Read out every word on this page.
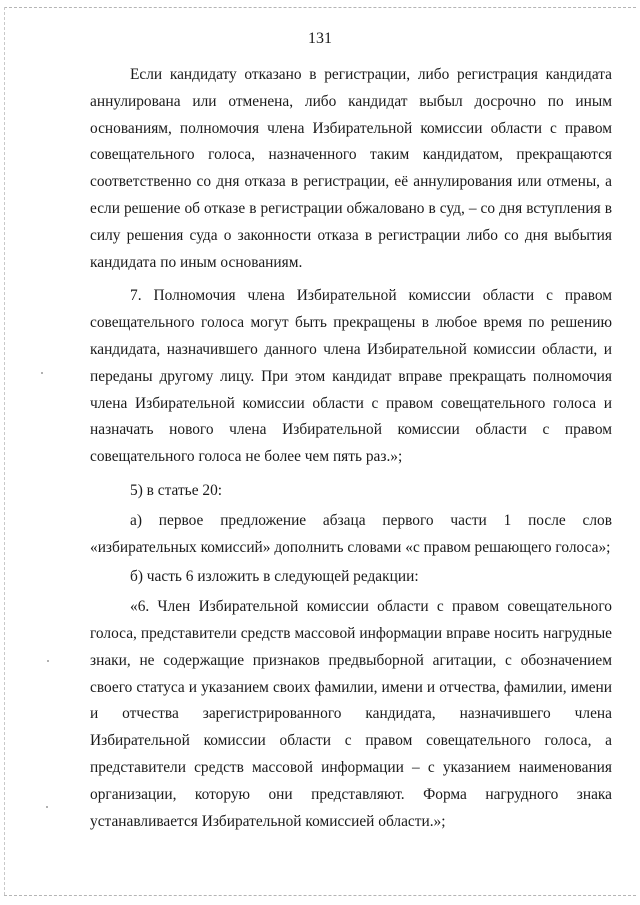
131

Если кандидату отказано в регистрации, либо регистрация кандидата аннулирована или отменена, либо кандидат выбыл досрочно по иным основаниям, полномочия члена Избирательной комиссии области с правом совещательного голоса, назначенного таким кандидатом, прекращаются соответственно со дня отказа в регистрации, её аннулирования или отмены, а если решение об отказе в регистрации обжаловано в суд, – со дня вступления в силу решения суда о законности отказа в регистрации либо со дня выбытия кандидата по иным основаниям.

7. Полномочия члена Избирательной комиссии области с правом совещательного голоса могут быть прекращены в любое время по решению кандидата, назначившего данного члена Избирательной комиссии области, и переданы другому лицу. При этом кандидат вправе прекращать полномочия члена Избирательной комиссии области с правом совещательного голоса и назначать нового члена Избирательной комиссии области с правом совещательного голоса не более чем пять раз.»;

5) в статье 20:

а) первое предложение абзаца первого части 1 после слов «избирательных комиссий» дополнить словами «с правом решающего голоса»;

б) часть 6 изложить в следующей редакции:

«6. Член Избирательной комиссии области с правом совещательного голоса, представители средств массовой информации вправе носить нагрудные знаки, не содержащие признаков предвыборной агитации, с обозначением своего статуса и указанием своих фамилии, имени и отчества, фамилии, имени и отчества зарегистрированного кандидата, назначившего члена Избирательной комиссии области с правом совещательного голоса, а представители средств массовой информации – с указанием наименования организации, которую они представляют. Форма нагрудного знака устанавливается Избирательной комиссией области.»;
